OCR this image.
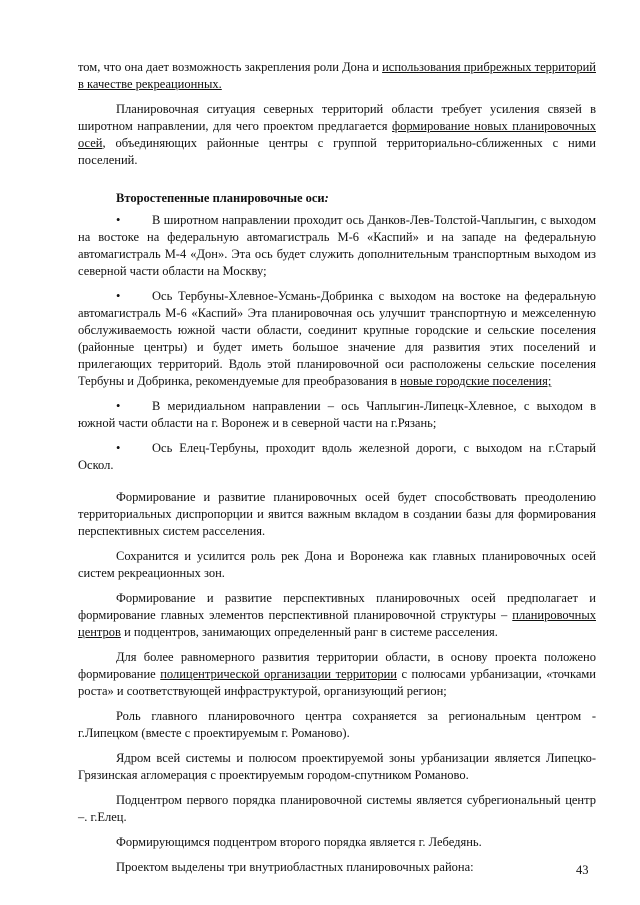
том, что она дает возможность закрепления роли Дона и использования прибрежных территорий в качестве рекреационных.

Планировочная ситуация северных территорий области требует усиления связей в широтном направлении, для чего проектом предлагается формирование новых планировочных осей, объединяющих районные центры с группой территориально-сближенных с ними поселений.

Второстепенные планировочные оси:

•	В широтном направлении проходит ось Данков-Лев-Толстой-Чаплыгин, с выходом на востоке на федеральную автомагистраль М-6 «Каспий» и на западе на федеральную автомагистраль М-4 «Дон». Эта ось будет служить дополнительным транспортным выходом из северной части области на Москву;

•	Ось Тербуны-Хлевное-Усмань-Добринка с выходом на востоке на федеральную автомагистраль М-6 «Каспий» Эта планировочная ось улучшит транспортную и межселенную обслуживаемость южной части области, соединит крупные городские и сельские поселения (районные центры) и будет иметь большое значение для развития этих поселений и прилегающих территорий. Вдоль этой планировочной оси расположены сельские поселения Тербуны и Добринка, рекомендуемые для преобразования в новые городские поселения;

•	В меридиальном направлении – ось Чаплыгин-Липецк-Хлевное, с выходом в южной части области на г. Воронеж и в северной части на г.Рязань;

•	Ось Елец-Тербуны, проходит вдоль железной дороги, с выходом на г.Старый Оскол.

Формирование и развитие планировочных осей будет способствовать преодолению территориальных диспропорции и явится важным вкладом в создании базы для формирования перспективных систем расселения.

Сохранится и усилится роль рек Дона и Воронежа как главных планировочных осей систем рекреационных зон.

Формирование и развитие перспективных планировочных осей предполагает и формирование главных элементов перспективной планировочной структуры – планировочных центров и подцентров, занимающих определенный ранг в системе расселения.

Для более равномерного развития территории области, в основу проекта положено формирование полицентрической организации территории с полюсами урбанизации, «точками роста» и соответствующей инфраструктурой, организующий регион;

Роль главного планировочного центра сохраняется за региональным центром - г.Липецком (вместе с проектируемым г. Романово).

Ядром всей системы и полюсом проектируемой зоны урбанизации является Липецко-Грязинская агломерация с проектируемым городом-спутником Романово.

Подцентром первого порядка планировочной системы является субрегиональный центр –. г.Елец.

Формирующимся подцентром второго порядка является г. Лебедянь.

Проектом выделены три внутриобластных планировочных района:	43
